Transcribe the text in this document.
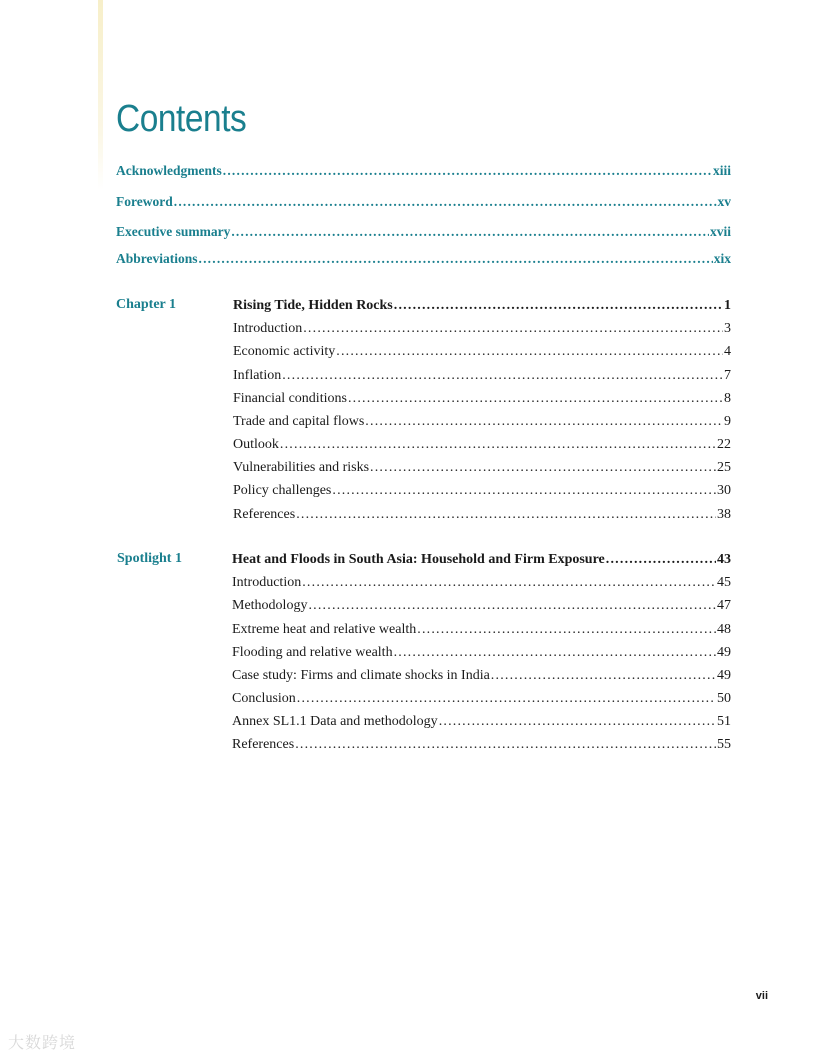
Contents
Acknowledgments .....	xiii
Foreword .....	xv
Executive summary .....	xvii
Abbreviations .....	xix
Chapter 1	Rising Tide, Hidden Rocks .....	1
Introduction .....	3
Economic activity .....	4
Inflation .....	7
Financial conditions .....	8
Trade and capital flows .....	9
Outlook .....	22
Vulnerabilities and risks .....	25
Policy challenges .....	30
References .....	38
Spotlight 1	Heat and Floods in South Asia: Household and Firm Exposure .....	43
Introduction .....	45
Methodology .....	47
Extreme heat and relative wealth .....	48
Flooding and relative wealth .....	49
Case study: Firms and climate shocks in India .....	49
Conclusion .....	50
Annex SL1.1 Data and methodology .....	51
References .....	55
vii
大数跨境
